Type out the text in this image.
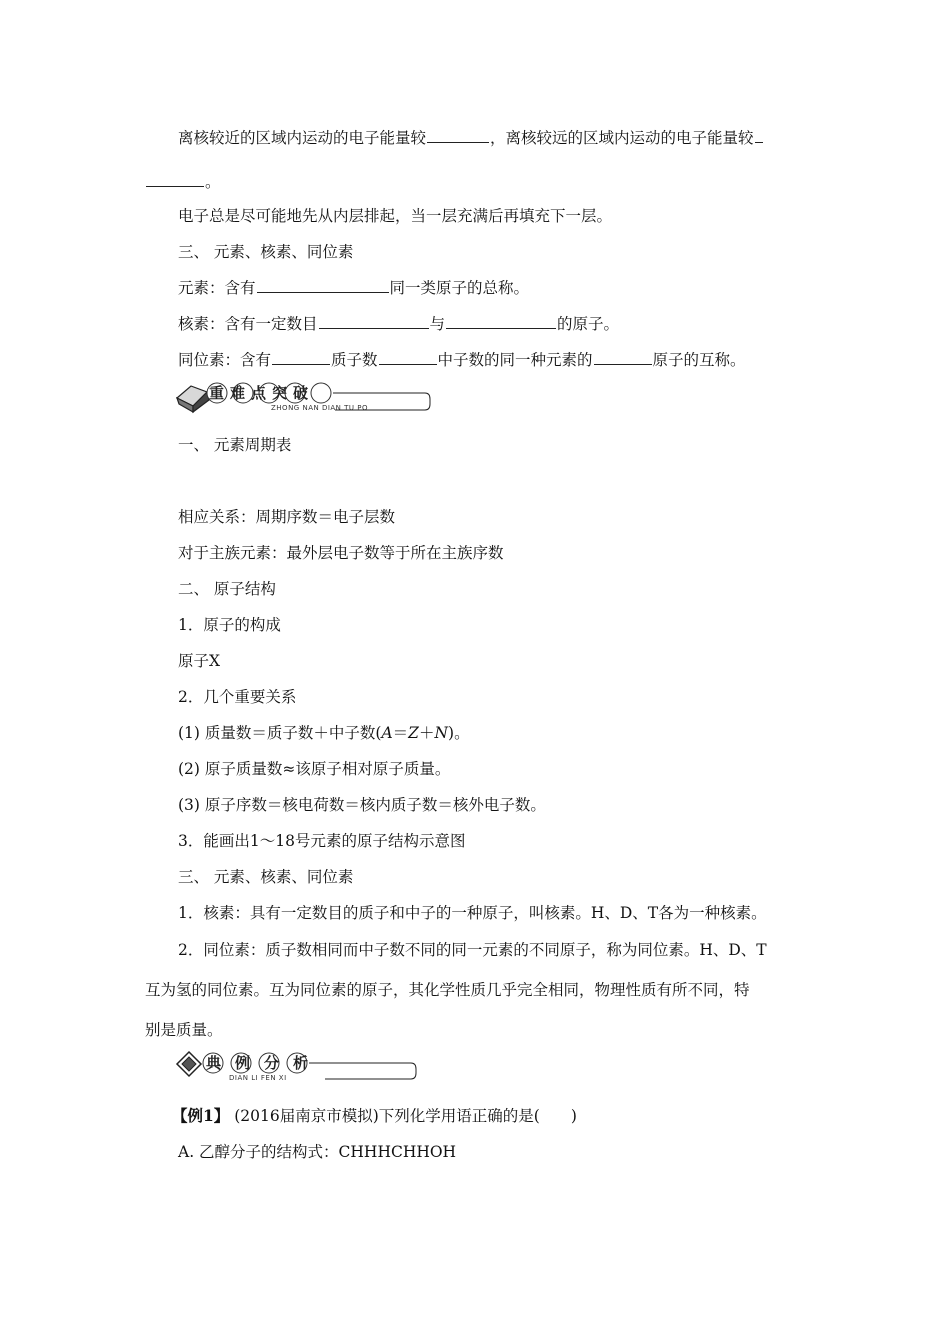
离核较近的区域内运动的电子能量较	，离核较远的区域内运动的电子能量较
。
电子总是尽可能地先从内层排起，当一层充满后再填充下一层。
三、 元素、核素、同位素
元素：含有	同一类原子的总称。
核素：含有一定数目	与	的原子。
同位素：含有	质子数	中子数的同一种元素的	原子的互称。
重难点突破
ZHONG NAN DIAN TU PO
一、 元素周期表
相应关系：周期序数＝电子层数
对于主族元素：最外层电子数等于所在主族序数
二、 原子结构
1．原子的构成
原子X
2．几个重要关系
(1) 质量数＝质子数＋中子数(A＝Z＋N)。
(2) 原子质量数≈该原子相对原子质量。
(3) 原子序数＝核电荷数＝核内质子数＝核外电子数。
3．能画出1～18号元素的原子结构示意图
三、 元素、核素、同位素
1．核素：具有一定数目的质子和中子的一种原子，叫核素。H、D、T各为一种核素。
2．同位素：质子数相同而中子数不同的同一元素的不同原子，称为同位素。H、D、T
互为氢的同位素。互为同位素的原子，其化学性质几乎完全相同，物理性质有所不同，特
别是质量。
典例分析
DIAN LI FEN XI
【例1】 (2016届南京市模拟)下列化学用语正确的是(　　)
A. 乙醇分子的结构式：CHHHCHHOH
